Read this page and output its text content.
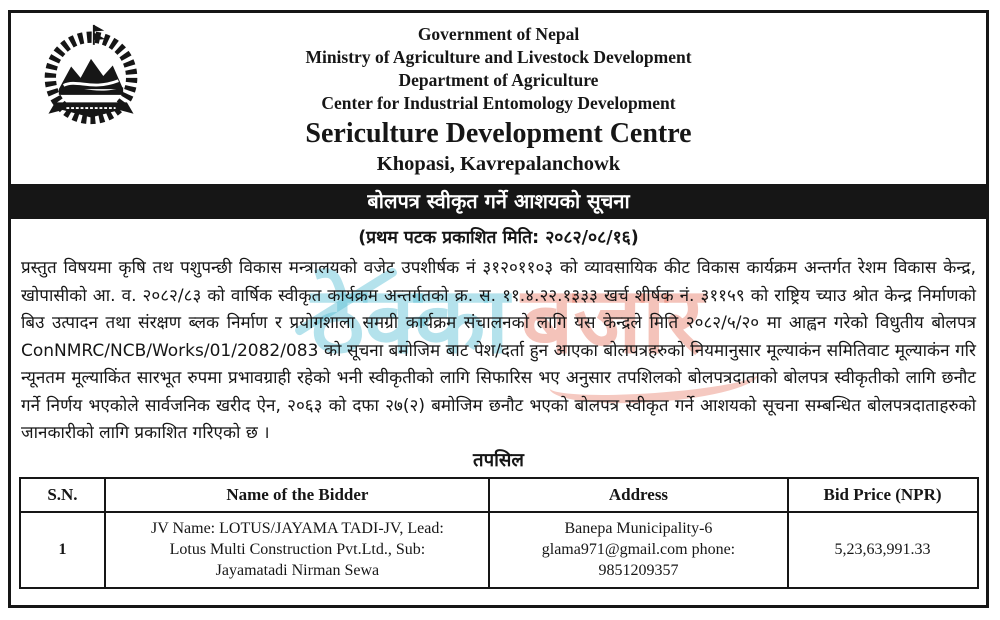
ठेक्का बजार
Government of Nepal
Ministry of Agriculture and Livestock Development
Department of Agriculture
Center for Industrial Entomology Development
Sericulture Development Centre
Khopasi, Kavrepalanchowk
बोलपत्र स्वीकृत गर्ने आशयको सूचना
(प्रथम पटक प्रकाशित मिति: २०८२/०८/१६)
प्रस्तुत विषयमा कृषि तथ पशुपन्छी विकास मन्त्रालयको वजेट उपशीर्षक नं ३१२०११०३ को व्यावसायिक कीट विकास कार्यक्रम अन्तर्गत रेशम विकास केन्द्र, खोपासीको आ. व. २०८२/८३ को वार्षिक स्वीकृत कार्यक्रम अन्तर्गतको क्र. स. ११.४.२२.१३३३ खर्च शीर्षक नं. ३११५९ को राष्ट्रिय च्याउ श्रोत केन्द्र निर्माणको बिउ उत्पादन तथा संरक्षण ब्लक निर्माण र प्रयोगशाला समग्री कार्यक्रम संचालनको लागि यस केन्द्रले मिति २०८२/५/२० मा आह्वन गरेको विधुतीय बोलपत्र ConNMRC/NCB/Works/01/2082/083 को सूचना बमोजिम बाट पेश/दर्ता हुन आएका बोलपत्रहरुको नियमानुसार मूल्याकंन समितिवाट मूल्याकंन गरि न्यूनतम मूल्याकिंत सारभूत रुपमा प्रभावग्राही रहेको भनी स्वीकृतीको लागि सिफारिस भए अनुसार तपशिलको बोलपत्रदाताको बोलपत्र स्वीकृतीको लागि छनौट गर्ने निर्णय भएकोले सार्वजनिक खरीद ऐन, २०६३ को दफा २७(२) बमोजिम छनौट भएको बोलपत्र स्वीकृत गर्ने आशयको सूचना सम्बन्धित बोलपत्रदाताहरुको जानकारीको लागि प्रकाशित गरिएको छ ।
तपसिल
S.N.	Name of the Bidder	Address	Bid Price (NPR)
1	JV Name: LOTUS/JAYAMA TADI-JV, Lead: Lotus Multi Construction Pvt.Ltd., Sub: Jayamatadi Nirman Sewa	Banepa Municipality-6 glama971@gmail.com phone: 9851209357	5,23,63,991.33
